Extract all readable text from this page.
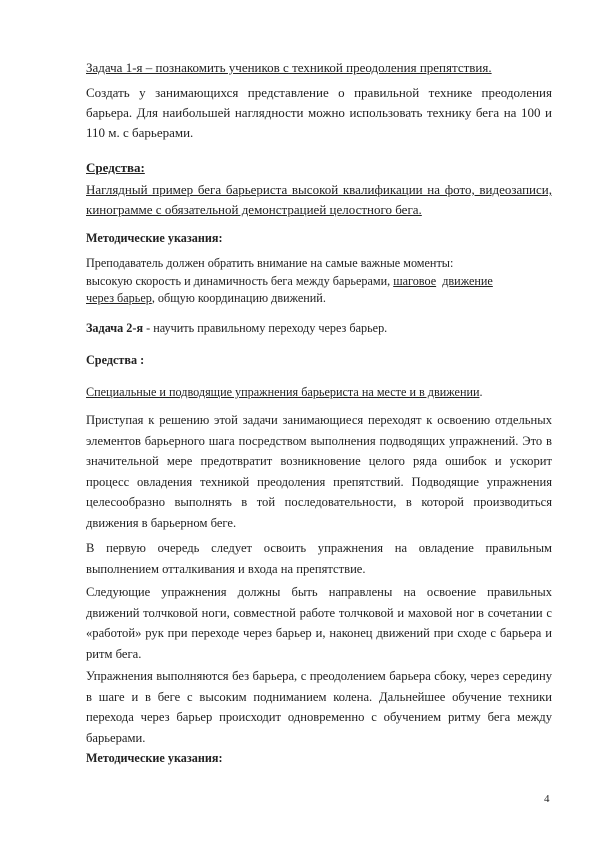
Задача 1-я – познакомить учеников с техникой преодоления препятствия.

Создать у занимающихся представление о правильной технике преодоления барьера. Для наибольшей наглядности можно использовать технику бега на 100 и 110 м. с барьерами.

Средства:

Наглядный пример бега барьериста высокой квалификации на фото, видеозаписи, кинограмме с обязательной демонстрацией целостного бега.

Методические указания:

Преподаватель должен обратить внимание на самые важные моменты:
высокую скорость и динамичность бега между барьерами, шаговое движение
через барьер, общую координацию движений.

Задача 2-я - научить правильному переходу через барьер.

Средства :

Специальные и подводящие упражнения барьериста на месте и в движении.

Приступая к решению этой задачи занимающиеся переходят к освоению отдельных элементов барьерного шага посредством выполнения подводящих упражнений. Это в значительной мере предотвратит возникновение целого ряда ошибок и ускорит процесс овладения техникой преодоления препятствий. Подводящие упражнения целесообразно выполнять в той последовательности, в которой производиться движения в барьерном беге.

В первую очередь следует освоить упражнения на овладение правильным выполнением отталкивания и входа на препятствие.

Следующие упражнения должны быть направлены на освоение правильных движений толчковой ноги, совместной работе толчковой и маховой ног в сочетании с «работой» рук при переходе через барьер и, наконец движений при сходе с барьера и ритм бега.

Упражнения выполняются без барьера, с преодолением барьера сбоку, через середину в шаге и в беге с высоким подниманием колена. Дальнейшее обучение техники перехода через барьер происходит одновременно с обучением ритму бега между барьерами.

Методические указания:

4
